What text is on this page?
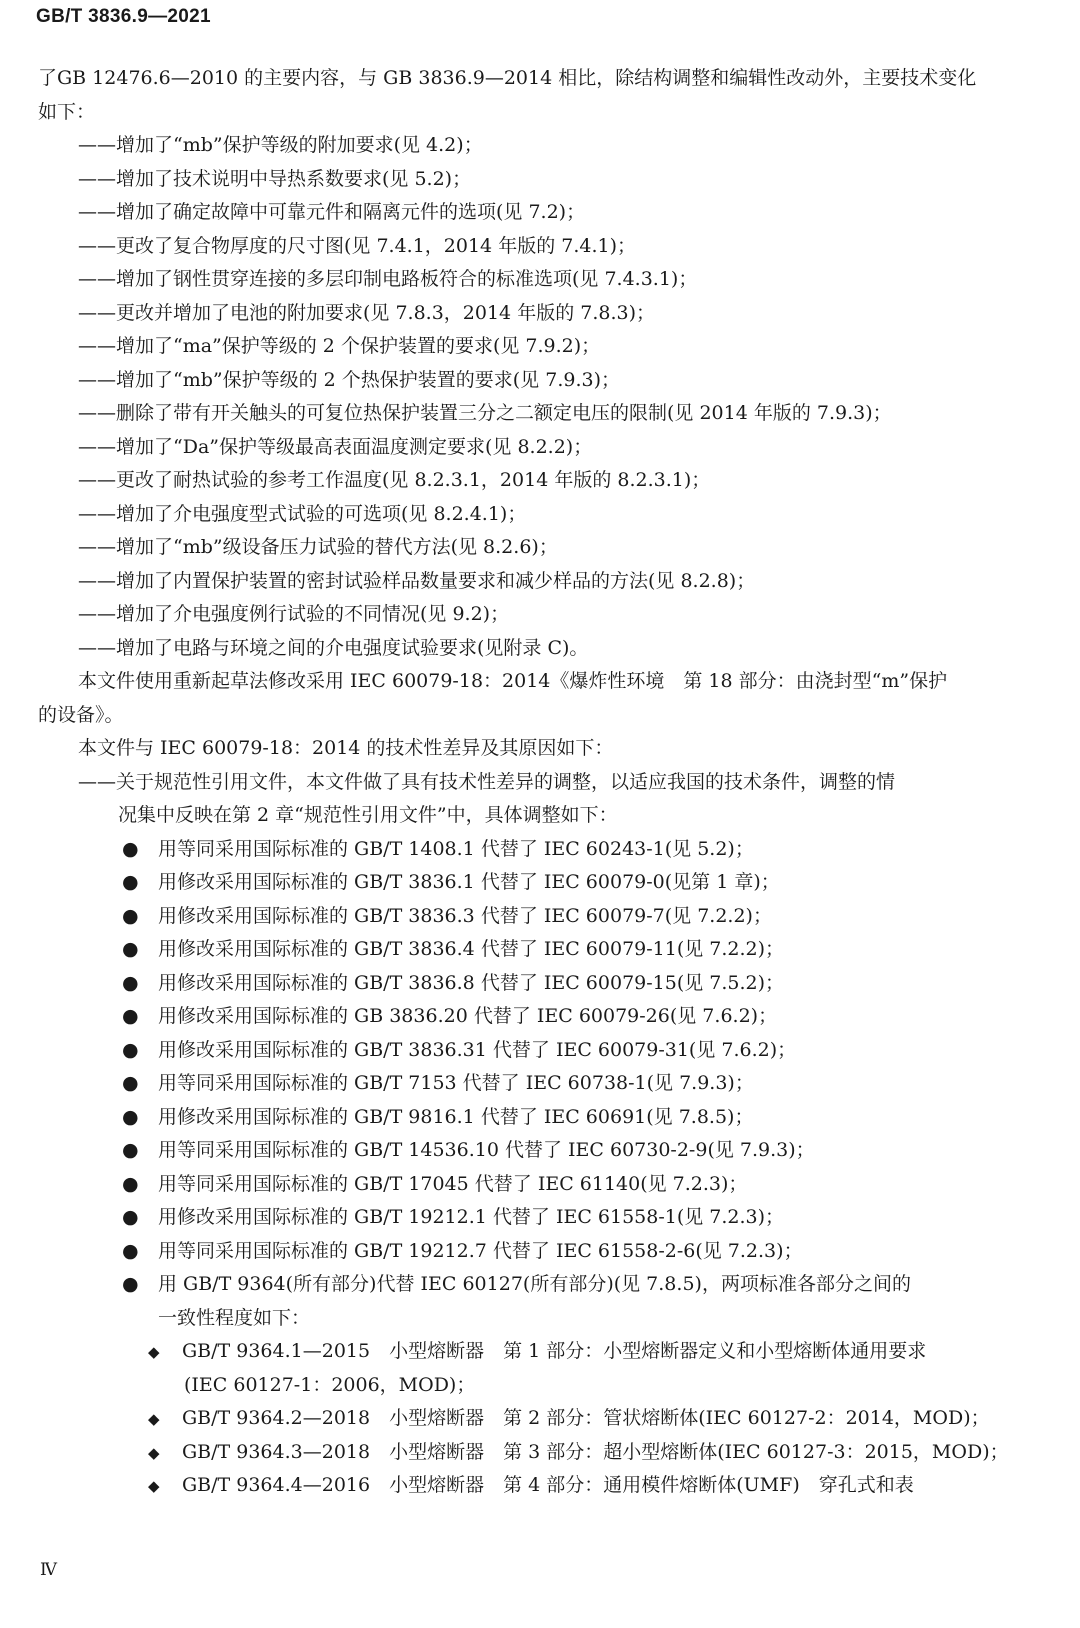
GB/T 3836.9—2021
了GB 12476.6—2010 的主要内容，与 GB 3836.9—2014 相比，除结构调整和编辑性改动外，主要技术变化
如下：
——增加了“mb”保护等级的附加要求(见 4.2)；
——增加了技术说明中导热系数要求(见 5.2)；
——增加了确定故障中可靠元件和隔离元件的选项(见 7.2)；
——更改了复合物厚度的尺寸图(见 7.4.1，2014 年版的 7.4.1)；
——增加了钢性贯穿连接的多层印制电路板符合的标准选项(见 7.4.3.1)；
——更改并增加了电池的附加要求(见 7.8.3，2014 年版的 7.8.3)；
——增加了“ma”保护等级的 2 个保护装置的要求(见 7.9.2)；
——增加了“mb”保护等级的 2 个热保护装置的要求(见 7.9.3)；
——删除了带有开关触头的可复位热保护装置三分之二额定电压的限制(见 2014 年版的 7.9.3)；
——增加了“Da”保护等级最高表面温度测定要求(见 8.2.2)；
——更改了耐热试验的参考工作温度(见 8.2.3.1，2014 年版的 8.2.3.1)；
——增加了介电强度型式试验的可选项(见 8.2.4.1)；
——增加了“mb”级设备压力试验的替代方法(见 8.2.6)；
——增加了内置保护装置的密封试验样品数量要求和减少样品的方法(见 8.2.8)；
——增加了介电强度例行试验的不同情况(见 9.2)；
——增加了电路与环境之间的介电强度试验要求(见附录 C)。
本文件使用重新起草法修改采用 IEC 60079-18：2014《爆炸性环境　第 18 部分：由浇封型“m”保护
的设备》。
本文件与 IEC 60079-18：2014 的技术性差异及其原因如下：
——关于规范性引用文件，本文件做了具有技术性差异的调整，以适应我国的技术条件，调整的情
况集中反映在第 2 章“规范性引用文件”中，具体调整如下：
●	用等同采用国际标准的 GB/T 1408.1 代替了 IEC 60243-1(见 5.2)；
●	用修改采用国际标准的 GB/T 3836.1 代替了 IEC 60079-0(见第 1 章)；
●	用修改采用国际标准的 GB/T 3836.3 代替了 IEC 60079-7(见 7.2.2)；
●	用修改采用国际标准的 GB/T 3836.4 代替了 IEC 60079-11(见 7.2.2)；
●	用修改采用国际标准的 GB/T 3836.8 代替了 IEC 60079-15(见 7.5.2)；
●	用修改采用国际标准的 GB 3836.20 代替了 IEC 60079-26(见 7.6.2)；
●	用修改采用国际标准的 GB/T 3836.31 代替了 IEC 60079-31(见 7.6.2)；
●	用等同采用国际标准的 GB/T 7153 代替了 IEC 60738-1(见 7.9.3)；
●	用修改采用国际标准的 GB/T 9816.1 代替了 IEC 60691(见 7.8.5)；
●	用等同采用国际标准的 GB/T 14536.10 代替了 IEC 60730-2-9(见 7.9.3)；
●	用等同采用国际标准的 GB/T 17045 代替了 IEC 61140(见 7.2.3)；
●	用修改采用国际标准的 GB/T 19212.1 代替了 IEC 61558-1(见 7.2.3)；
●	用等同采用国际标准的 GB/T 19212.7 代替了 IEC 61558-2-6(见 7.2.3)；
●	用 GB/T 9364(所有部分)代替 IEC 60127(所有部分)(见 7.8.5)，两项标准各部分之间的
一致性程度如下：
◆	GB/T 9364.1—2015　小型熔断器　第 1 部分：小型熔断器定义和小型熔断体通用要求
(IEC 60127-1：2006，MOD)；
◆	GB/T 9364.2—2018　小型熔断器　第 2 部分：管状熔断体(IEC 60127-2：2014，MOD)；
◆	GB/T 9364.3—2018　小型熔断器　第 3 部分：超小型熔断体(IEC 60127-3：2015，MOD)；
◆	GB/T 9364.4—2016　小型熔断器　第 4 部分：通用模件熔断体(UMF)　穿孔式和表
Ⅳ
